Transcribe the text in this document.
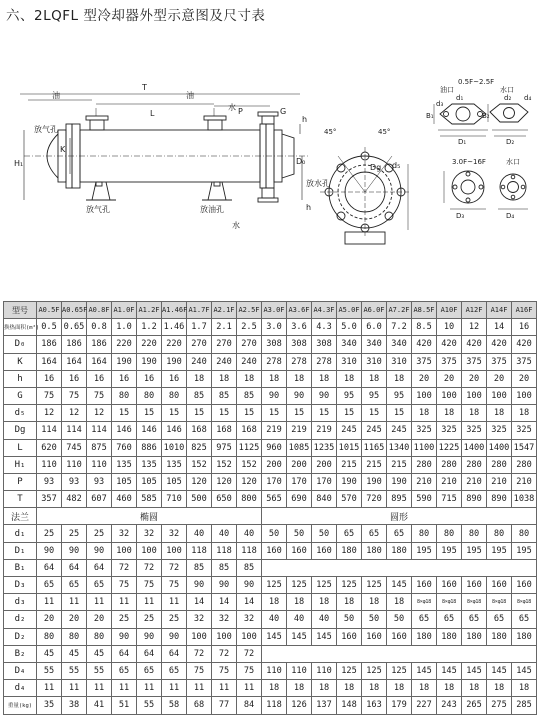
六、2LQFL 型冷却器外型示意图及尺寸表
油	油
水
水
放气孔
放气孔	放油孔
放水孔
T
L	P	G
h
h
H₁
K
D₀
45°	45°
Dg d₅
油口
0.5F~2.5F
水口
B₁	B₂
d₁	d₂
d₃
d₄
D₁	D₂
D₃	D₄
3.0F~16F	水口
型号	A0.5F	A0.65F	A0.8F	A1.0F	A1.2F	A1.46F	A1.7F	A2.1F	A2.5F	A3.0F	A3.6F	A4.3F	A5.0F	A6.0F	A7.2F	A8.5F	A10F	A12F	A14F	A16F
换热面积(m²)	0.5	0.65	0.8	1.0	1.2	1.46	1.7	2.1	2.5	3.0	3.6	4.3	5.0	6.0	7.2	8.5	10	12	14	16
D₀	186	186	186	220	220	220	270	270	270	308	308	308	340	340	340	420	420	420	420	420
K	164	164	164	190	190	190	240	240	240	278	278	278	310	310	310	375	375	375	375	375
h	16	16	16	16	16	16	18	18	18	18	18	18	18	18	18	20	20	20	20	20
G	75	75	75	80	80	80	85	85	85	90	90	90	95	95	95	100	100	100	100	100
d₅	12	12	12	15	15	15	15	15	15	15	15	15	15	15	15	18	18	18	18	18
Dg	114	114	114	146	146	146	168	168	168	219	219	219	245	245	245	325	325	325	325	325
L	620	745	875	760	886	1010	825	975	1125	960	1085	1235	1015	1165	1340	1100	1225	1400	1400	1547
H₁	110	110	110	135	135	135	152	152	152	200	200	200	215	215	215	280	280	280	280	280
P	93	93	93	105	105	105	120	120	120	170	170	170	190	190	190	210	210	210	210	210
T	357	482	607	460	585	710	500	650	800	565	690	840	570	720	895	590	715	890	890	1038
法兰	椭圆									圆形										
d₁	25	25	25	32	32	32	40	40	40	50	50	50	65	65	65	80	80	80	80	80
D₁	90	90	90	100	100	100	118	118	118	160	160	160	180	180	180	195	195	195	195	195
B₁	64	64	64	72	72	72	85	85	85											
D₃	65	65	65	75	75	75	90	90	90	125	125	125	125	125	145	160	160	160	160	160
d₃	11	11	11	11	11	11	14	14	14	18	18	18	18	18	18	8×φ18	8×φ18	8×φ18	8×φ18	8×φ18
d₂	20	20	20	25	25	25	32	32	32	40	40	40	50	50	50	65	65	65	65	65
D₂	80	80	80	90	90	90	100	100	100	145	145	145	160	160	160	180	180	180	180	180
B₂	45	45	45	64	64	64	72	72	72											
D₄	55	55	55	65	65	65	75	75	75	110	110	110	125	125	125	145	145	145	145	145
d₄	11	11	11	11	11	11	11	11	11	18	18	18	18	18	18	18	18	18	18	18
重量(kg)	35	38	41	51	55	58	68	77	84	118	126	137	148	163	179	227	243	265	275	285
